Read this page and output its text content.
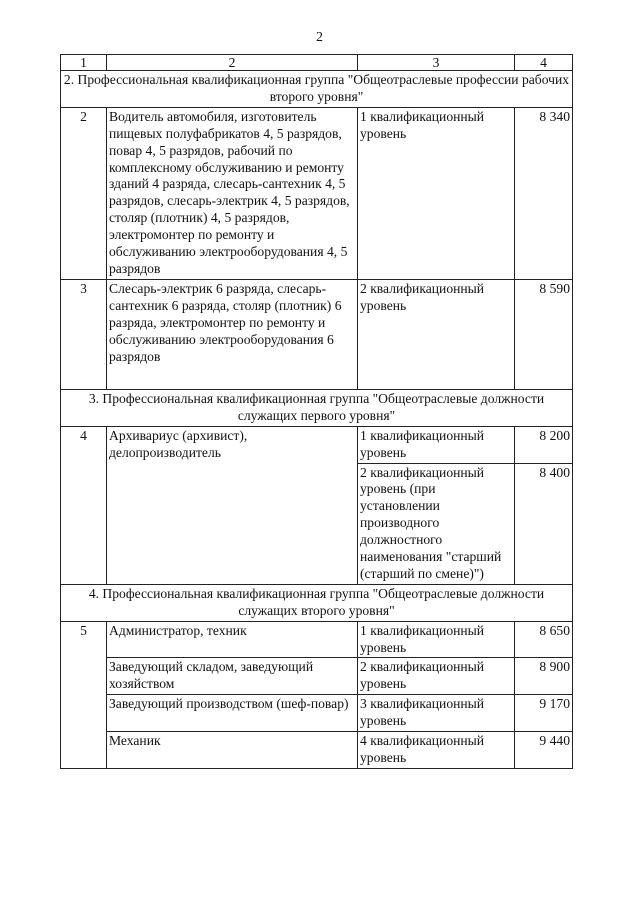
2
1	2	3	4
2. Профессиональная квалификационная группа "Общеотраслевые профессии рабочих второго уровня"			
2	Водитель автомобиля, изготовитель пищевых полуфабрикатов 4, 5 разрядов, повар 4, 5 разрядов, рабочий по комплексному обслуживанию и ремонту зданий 4 разряда, слесарь-сантехник 4, 5 разрядов, слесарь-электрик 4, 5 разрядов, столяр (плотник) 4, 5 разрядов, электромонтер по ремонту и обслуживанию электрооборудования 4, 5 разрядов	1 квалификационный уровень	8 340
3	Слесарь-электрик 6 разряда, слесарь-сантехник 6 разряда, столяр (плотник) 6 разряда, электромонтер по ремонту и обслуживанию электрооборудования 6 разрядов	2 квалификационный уровень	8 590
3. Профессиональная квалификационная группа "Общеотраслевые должности служащих первого уровня"			
4	Архивариус (архивист), делопроизводитель	1 квалификационный уровень	8 200
		2 квалификационный уровень (при установлении производного должностного наименования "старший (старший по смене)")	8 400
4. Профессиональная квалификационная группа "Общеотраслевые должности служащих второго уровня"			
5	Администратор, техник	1 квалификационный уровень	8 650
	Заведующий складом, заведующий хозяйством	2 квалификационный уровень	8 900
	Заведующий производством (шеф-повар)	3 квалификационный уровень	9 170
	Механик	4 квалификационный уровень	9 440
